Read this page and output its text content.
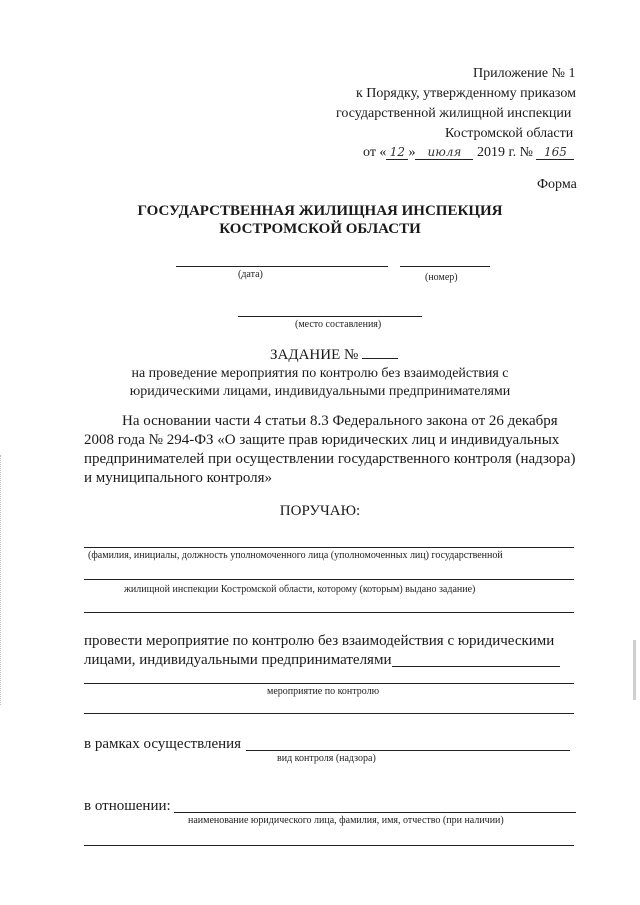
Приложение № 1
к Порядку, утвержденному приказом
государственной жилищной инспекции
Костромской области
от « 12 » июля 2019 г. № 165
Форма
ГОСУДАРСТВЕННАЯ ЖИЛИЩНАЯ ИНСПЕКЦИЯ
КОСТРОМСКОЙ ОБЛАСТИ
(дата)	(номер)
(место составления)
ЗАДАНИЕ №
на проведение мероприятия по контролю без взаимодействия с
юридическими лицами, индивидуальными предпринимателями
На основании части 4 статьи 8.3 Федерального закона от 26 декабря
2008 года № 294-ФЗ «О защите прав юридических лиц и индивидуальных
предпринимателей при осуществлении государственного контроля (надзора)
и муниципального контроля»
ПОРУЧАЮ:
(фамилия, инициалы, должность уполномоченного лица (уполномоченных лиц) государственной
жилищной инспекции Костромской области, которому (которым) выдано задание)
провести мероприятие по контролю без взаимодействия с юридическими
лицами, индивидуальными предпринимателями
мероприятие по контролю
в рамках осуществления
вид контроля (надзора)
в отношении:
наименование юридического лица, фамилия, имя, отчество (при наличии)
